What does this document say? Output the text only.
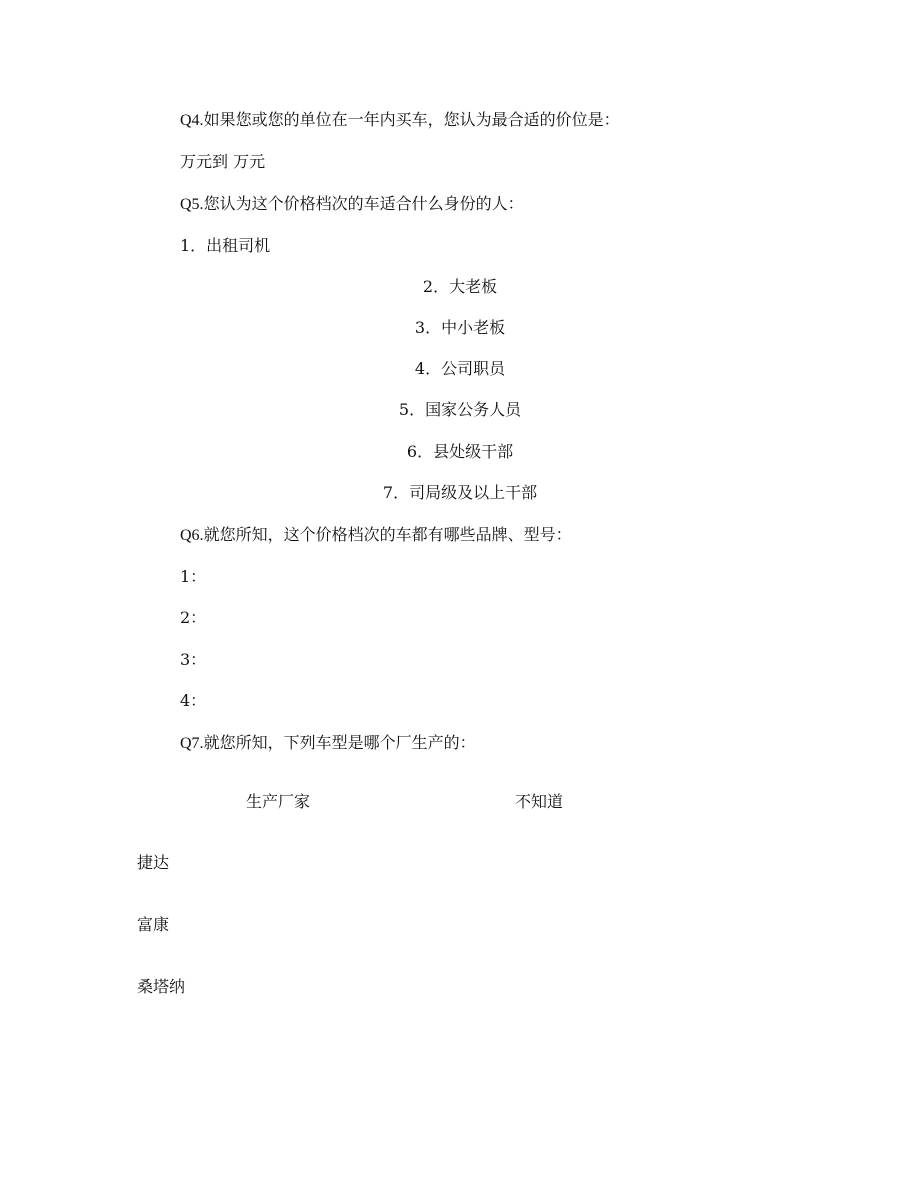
Q4.如果您或您的单位在一年内买车，您认为最合适的价位是：
万元到 万元
Q5.您认为这个价格档次的车适合什么身份的人：
1．出租司机
2．大老板
3．中小老板
4．公司职员
5．国家公务人员
6．县处级干部
7．司局级及以上干部
Q6.就您所知，这个价格档次的车都有哪些品牌、型号：
1：
2：
3：
4：
Q7.就您所知，下列车型是哪个厂生产的：
生产厂家	不知道
捷达
富康
桑塔纳
